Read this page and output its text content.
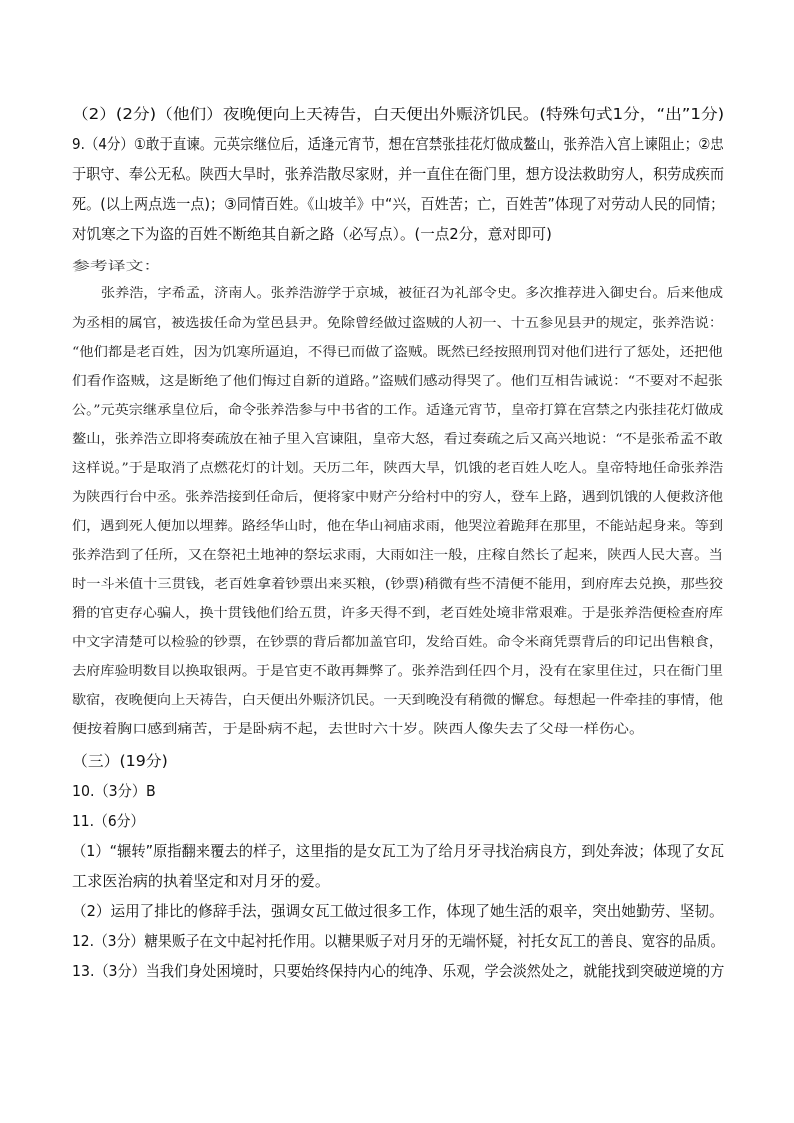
（2）(2分)（他们）夜晚便向上天祷告，白天便出外赈济饥民。(特殊句式1分，“出”1分)
9.（4分）①敢于直谏。元英宗继位后，适逢元宵节，想在宫禁张挂花灯做成鳌山，张养浩入宫上谏阻止；②忠
于职守、奉公无私。陕西大旱时，张养浩散尽家财，并一直住在衙门里，想方设法救助穷人，积劳成疾而
死。(以上两点选一点)；③同情百姓。《山坡羊》中“兴，百姓苦；亡，百姓苦”体现了对劳动人民的同情；
对饥寒之下为盗的百姓不断绝其自新之路（必写点）。(一点2分，意对即可)
参考译文：
张养浩，字希孟，济南人。张养浩游学于京城，被征召为礼部令史。多次推荐进入御史台。后来他成
为丞相的属官，被选拔任命为堂邑县尹。免除曾经做过盗贼的人初一、十五参见县尹的规定，张养浩说：
“他们都是老百姓，因为饥寒所逼迫，不得已而做了盗贼。既然已经按照刑罚对他们进行了惩处，还把他
们看作盗贼，这是断绝了他们悔过自新的道路。”盗贼们感动得哭了。他们互相告诫说：“不要对不起张
公。”元英宗继承皇位后，命令张养浩参与中书省的工作。适逢元宵节，皇帝打算在宫禁之内张挂花灯做成
鳌山，张养浩立即将奏疏放在袖子里入宫谏阻，皇帝大怒，看过奏疏之后又高兴地说：“不是张希孟不敢
这样说。”于是取消了点燃花灯的计划。天历二年，陕西大旱，饥饿的老百姓人吃人。皇帝特地任命张养浩
为陕西行台中丞。张养浩接到任命后，便将家中财产分给村中的穷人，登车上路，遇到饥饿的人便救济他
们，遇到死人便加以埋葬。路经华山时，他在华山祠庙求雨，他哭泣着跪拜在那里，不能站起身来。等到
张养浩到了任所，又在祭祀土地神的祭坛求雨，大雨如注一般，庄稼自然长了起来，陕西人民大喜。当
时一斗米值十三贯钱，老百姓拿着钞票出来买粮，(钞票)稍微有些不清便不能用，到府库去兑换，那些狡
猾的官吏存心骗人，换十贯钱他们给五贯，许多天得不到，老百姓处境非常艰难。于是张养浩便检查府库
中文字清楚可以检验的钞票，在钞票的背后都加盖官印，发给百姓。命令米商凭票背后的印记出售粮食，
去府库验明数目以换取银两。于是官吏不敢再舞弊了。张养浩到任四个月，没有在家里住过，只在衙门里
歇宿，夜晚便向上天祷告，白天便出外赈济饥民。一天到晚没有稍微的懈怠。每想起一件牵挂的事情，他
便按着胸口感到痛苦，于是卧病不起，去世时六十岁。陕西人像失去了父母一样伤心。
（三）(19分)
10.（3分）B
11.（6分）
（1）“辗转”原指翻来覆去的样子，这里指的是女瓦工为了给月牙寻找治病良方，到处奔波；体现了女瓦
工求医治病的执着坚定和对月牙的爱。
（2）运用了排比的修辞手法，强调女瓦工做过很多工作，体现了她生活的艰辛，突出她勤劳、坚韧。
12.（3分）糖果贩子在文中起衬托作用。以糖果贩子对月牙的无端怀疑，衬托女瓦工的善良、宽容的品质。
13.（3分）当我们身处困境时，只要始终保持内心的纯净、乐观，学会淡然处之，就能找到突破逆境的方
